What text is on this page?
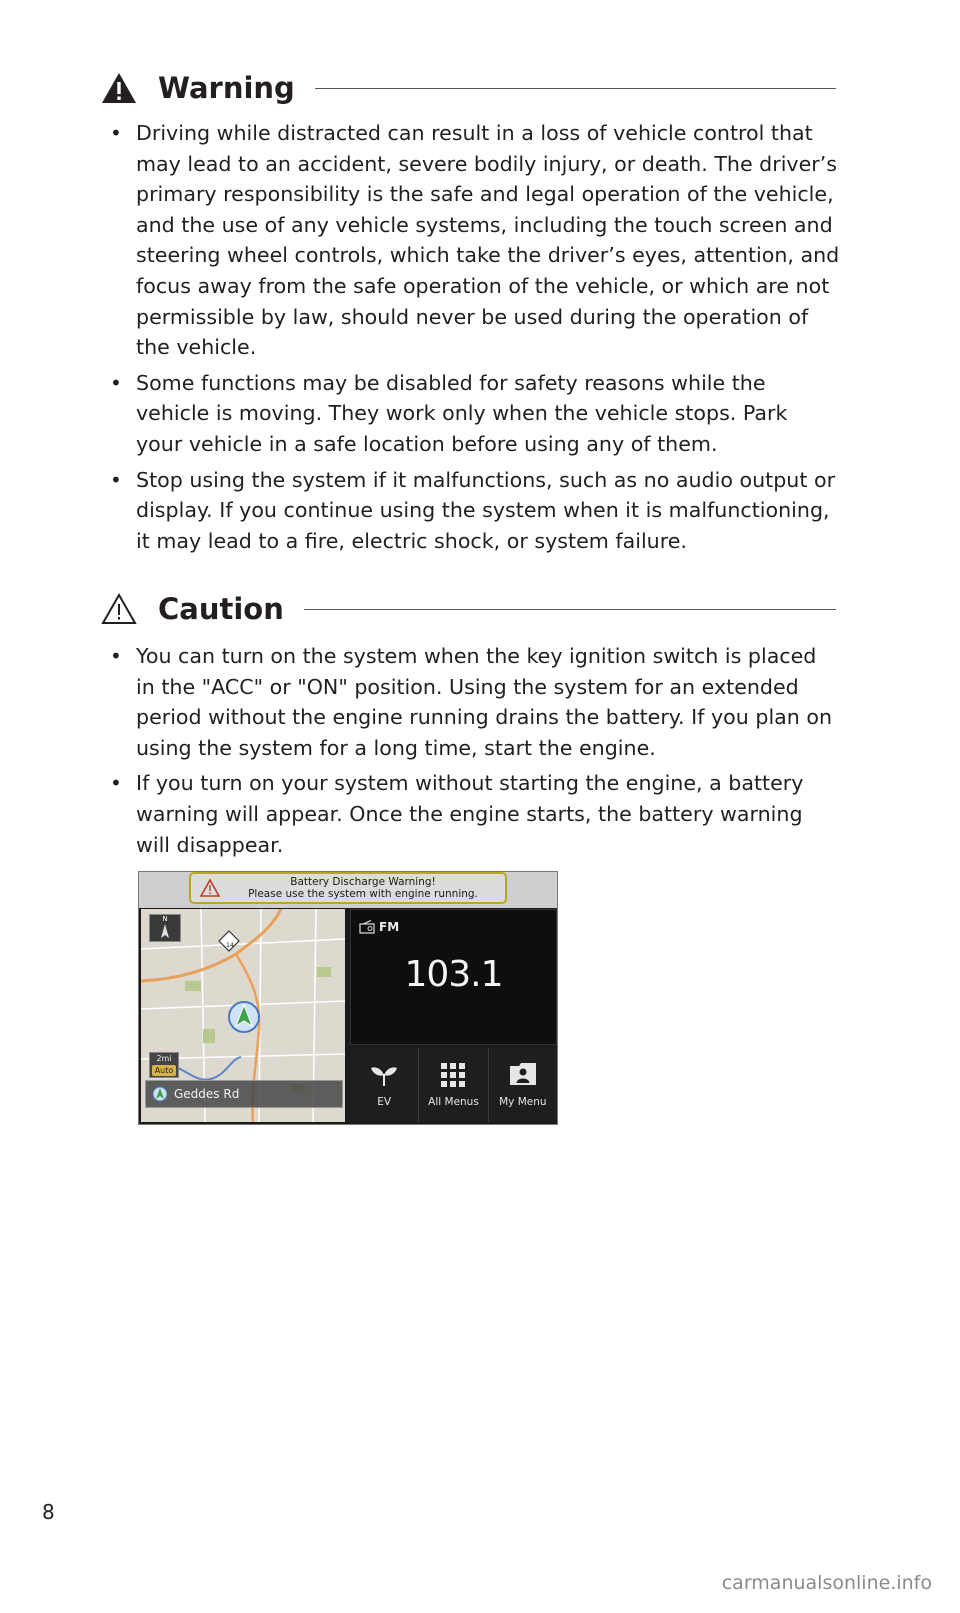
Warning
• Driving while distracted can result in a loss of vehicle control that may lead to an accident, severe bodily injury, or death. The driver’s primary responsibility is the safe and legal operation of the vehicle, and the use of any vehicle systems, including the touch screen and steering wheel controls, which take the driver’s eyes, attention, and focus away from the safe operation of the vehicle, or which are not permissible by law, should never be used during the operation of the vehicle.
• Some functions may be disabled for safety reasons while the vehicle is moving. They work only when the vehicle stops. Park your vehicle in a safe location before using any of them.
• Stop using the system if it malfunctions, such as no audio output or display. If you continue using the system when it is malfunctioning, it may lead to a fire, electric shock, or system failure.
Caution
• You can turn on the system when the key ignition switch is placed in the "ACC" or "ON" position. Using the system for an extended period without the engine running drains the battery. If you plan on using the system for a long time, start the engine.
• If you turn on your system without starting the engine, a battery warning will appear. Once the engine starts, the battery warning will disappear.
Battery Discharge Warning!
Please use the system with engine running.
14
N
2mi
Auto
Geddes Rd
FM
103.1
EV	All Menus	My Menu
8
carmanualsonline.info
